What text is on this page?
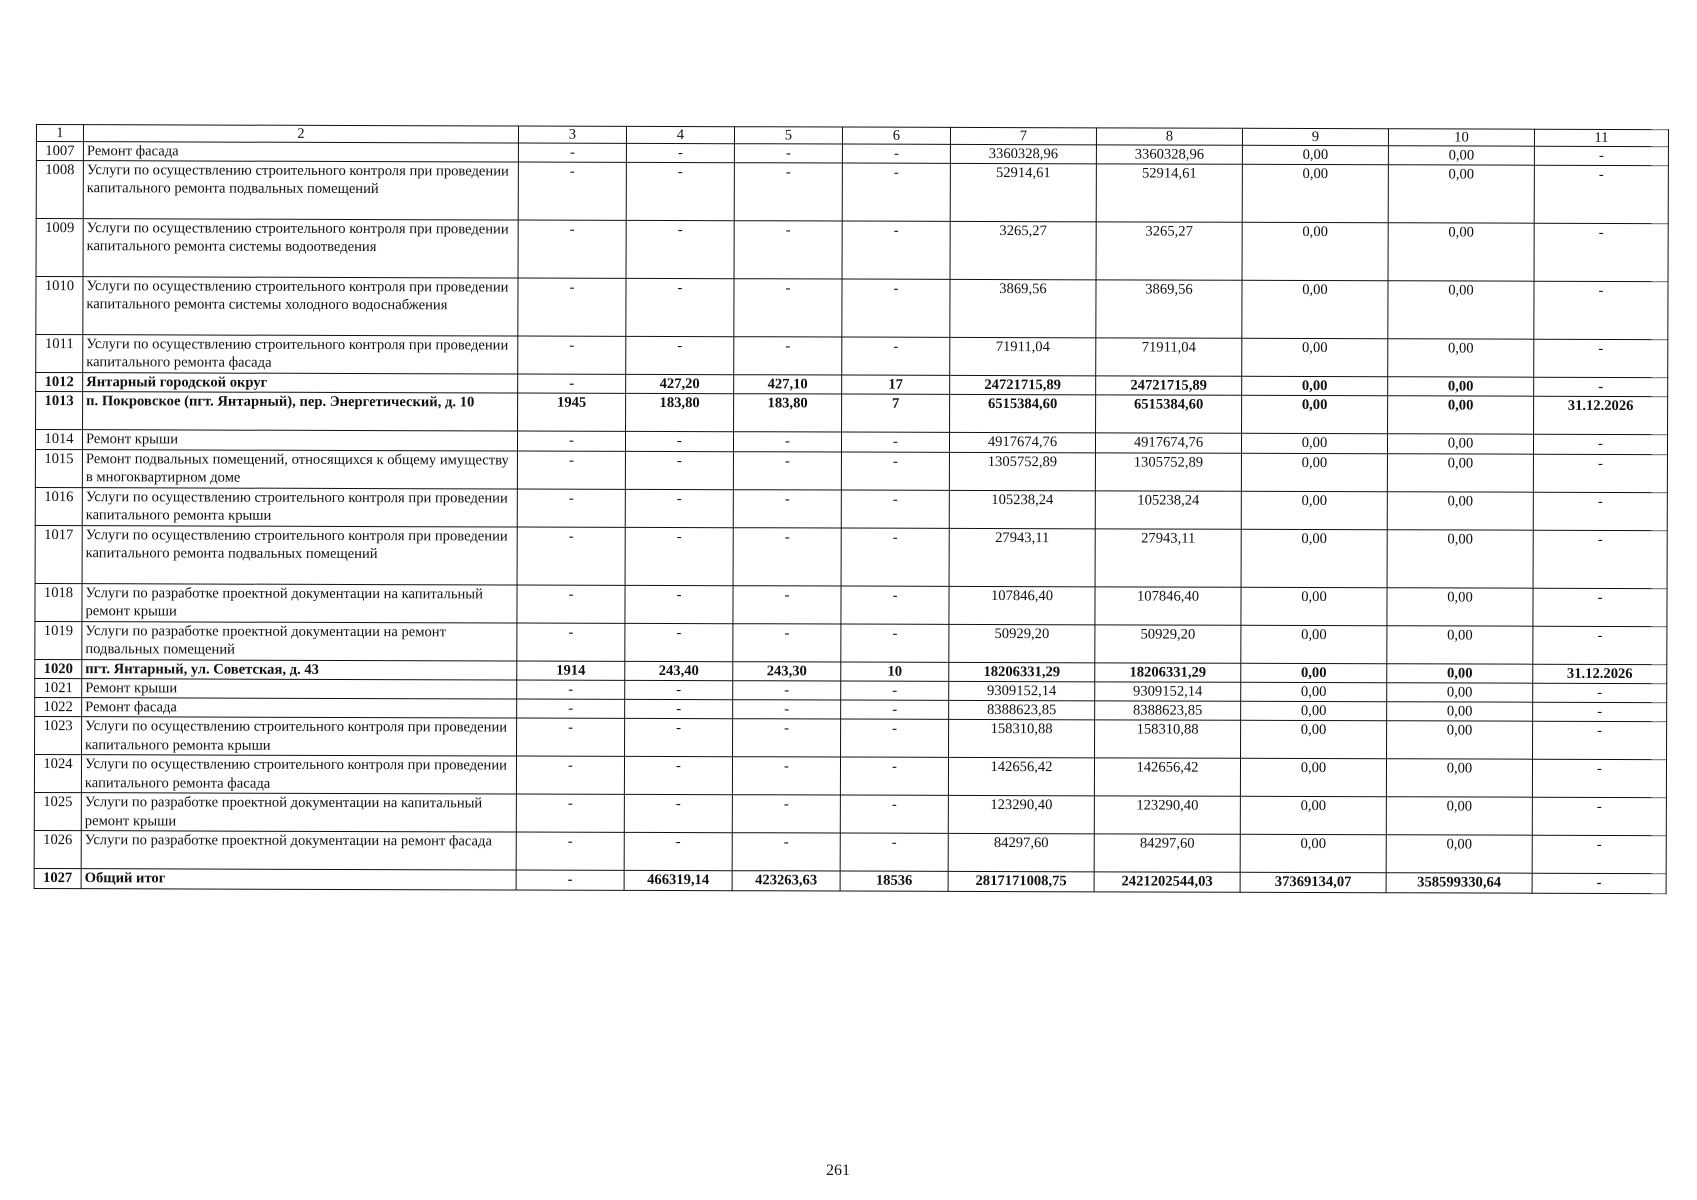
1	2	3	4	5	6	7	8	9	10	11
1007	Ремонт фасада	-	-	-	-	3360328,96	3360328,96	0,00	0,00	-
1008	Услуги по осуществлению строительного контроля при проведении капитального ремонта подвальных помещений	-	-	-	-	52914,61	52914,61	0,00	0,00	-
1009	Услуги по осуществлению строительного контроля при проведении капитального ремонта системы водоотведения	-	-	-	-	3265,27	3265,27	0,00	0,00	-
1010	Услуги по осуществлению строительного контроля при проведении капитального ремонта системы холодного водоснабжения	-	-	-	-	3869,56	3869,56	0,00	0,00	-
1011	Услуги по осуществлению строительного контроля при проведении капитального ремонта фасада	-	-	-	-	71911,04	71911,04	0,00	0,00	-
1012	Янтарный городской округ	-	427,20	427,10	17	24721715,89	24721715,89	0,00	0,00	-
1013	п. Покровское (пгт. Янтарный), пер. Энергетический, д. 10	1945	183,80	183,80	7	6515384,60	6515384,60	0,00	0,00	31.12.2026
1014	Ремонт крыши	-	-	-	-	4917674,76	4917674,76	0,00	0,00	-
1015	Ремонт подвальных помещений, относящихся к общему имуществу в многоквартирном доме	-	-	-	-	1305752,89	1305752,89	0,00	0,00	-
1016	Услуги по осуществлению строительного контроля при проведении капитального ремонта крыши	-	-	-	-	105238,24	105238,24	0,00	0,00	-
1017	Услуги по осуществлению строительного контроля при проведении капитального ремонта подвальных помещений	-	-	-	-	27943,11	27943,11	0,00	0,00	-
1018	Услуги по разработке проектной документации на капитальный ремонт крыши	-	-	-	-	107846,40	107846,40	0,00	0,00	-
1019	Услуги по разработке проектной документации на ремонт подвальных помещений	-	-	-	-	50929,20	50929,20	0,00	0,00	-
1020	пгт. Янтарный, ул. Советская, д. 43	1914	243,40	243,30	10	18206331,29	18206331,29	0,00	0,00	31.12.2026
1021	Ремонт крыши	-	-	-	-	9309152,14	9309152,14	0,00	0,00	-
1022	Ремонт фасада	-	-	-	-	8388623,85	8388623,85	0,00	0,00	-
1023	Услуги по осуществлению строительного контроля при проведении капитального ремонта крыши	-	-	-	-	158310,88	158310,88	0,00	0,00	-
1024	Услуги по осуществлению строительного контроля при проведении капитального ремонта фасада	-	-	-	-	142656,42	142656,42	0,00	0,00	-
1025	Услуги по разработке проектной документации на капитальный ремонт крыши	-	-	-	-	123290,40	123290,40	0,00	0,00	-
1026	Услуги по разработке проектной документации на ремонт фасада	-	-	-	-	84297,60	84297,60	0,00	0,00	-
1027	Общий итог	-	466319,14	423263,63	18536	2817171008,75	2421202544,03	37369134,07	358599330,64	-
261
